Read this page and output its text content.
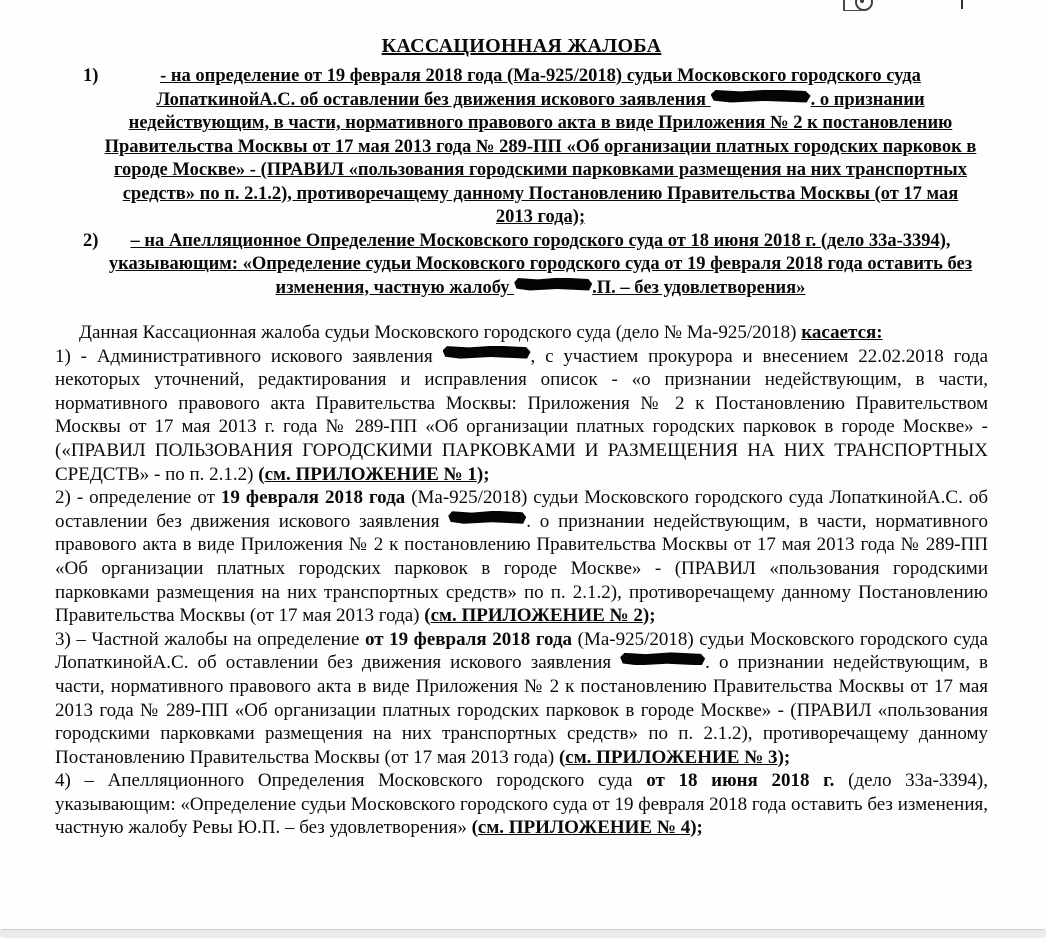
КАССАЦИОННАЯ ЖАЛОБА
1)	- на определение от 19 февраля 2018 года (Ма-925/2018) судьи Московского городского суда ЛопаткинойА.С. об оставлении без движения искового заявления	. о признании недействующим, в части, нормативного правового акта в виде Приложения № 2 к постановлению Правительства Москвы от 17 мая 2013 года № 289-ПП «Об организации платных городских парковок в городе Москве» - (ПРАВИЛ «пользования городскими парковками размещения на них транспортных средств» по п. 2.1.2), противоречащему данному Постановлению Правительства Москвы (от 17 мая 2013 года);
2)	– на Апелляционное Определение Московского городского суда от 18 июня 2018 г. (дело 33а-3394), указывающим: «Определение судьи Московского городского суда от 19 февраля 2018 года оставить без изменения, частную жалобу	.П. – без удовлетворения»

Данная Кассационная жалоба судьи Московского городского суда (дело № Ма-925/2018) касается:

1) - Административного искового заявления	, с участием прокурора и внесением 22.02.2018 года некоторых уточнений, редактирования и исправления описок - «о признании недействующим, в части, нормативного правового акта Правительства Москвы: Приложения № 2 к Постановлению Правительством Москвы от 17 мая 2013 г. года № 289-ПП «Об организации платных городских парковок в городе Москве» - («ПРАВИЛ ПОЛЬЗОВАНИЯ ГОРОДСКИМИ ПАРКОВКАМИ И РАЗМЕЩЕНИЯ НА НИХ ТРАНСПОРТНЫХ СРЕДСТВ» - по п. 2.1.2) (см. ПРИЛОЖЕНИЕ № 1);

2) - определение от 19 февраля 2018 года (Ма-925/2018) судьи Московского городского суда ЛопаткинойА.С. об оставлении без движения искового заявления	. о признании недействующим, в части, нормативного правового акта в виде Приложения № 2 к постановлению Правительства Москвы от 17 мая 2013 года № 289-ПП «Об организации платных городских парковок в городе Москве» - (ПРАВИЛ «пользования городскими парковками размещения на них транспортных средств» по п. 2.1.2), противоречащему данному Постановлению Правительства Москвы (от 17 мая 2013 года) (см. ПРИЛОЖЕНИЕ № 2);

3) – Частной жалобы на определение от 19 февраля 2018 года (Ма-925/2018) судьи Московского городского суда ЛопаткинойА.С. об оставлении без движения искового заявления	. о признании недействующим, в части, нормативного правового акта в виде Приложения № 2 к постановлению Правительства Москвы от 17 мая 2013 года № 289-ПП «Об организации платных городских парковок в городе Москве» - (ПРАВИЛ «пользования городскими парковками размещения на них транспортных средств» по п. 2.1.2), противоречащему данному Постановлению Правительства Москвы (от 17 мая 2013 года) (см. ПРИЛОЖЕНИЕ № 3);

4) – Апелляционного Определения Московского городского суда от 18 июня 2018 г. (дело 33а-3394), указывающим: «Определение судьи Московского городского суда от 19 февраля 2018 года оставить без изменения, частную жалобу Ревы Ю.П. – без удовлетворения» (см. ПРИЛОЖЕНИЕ № 4);
